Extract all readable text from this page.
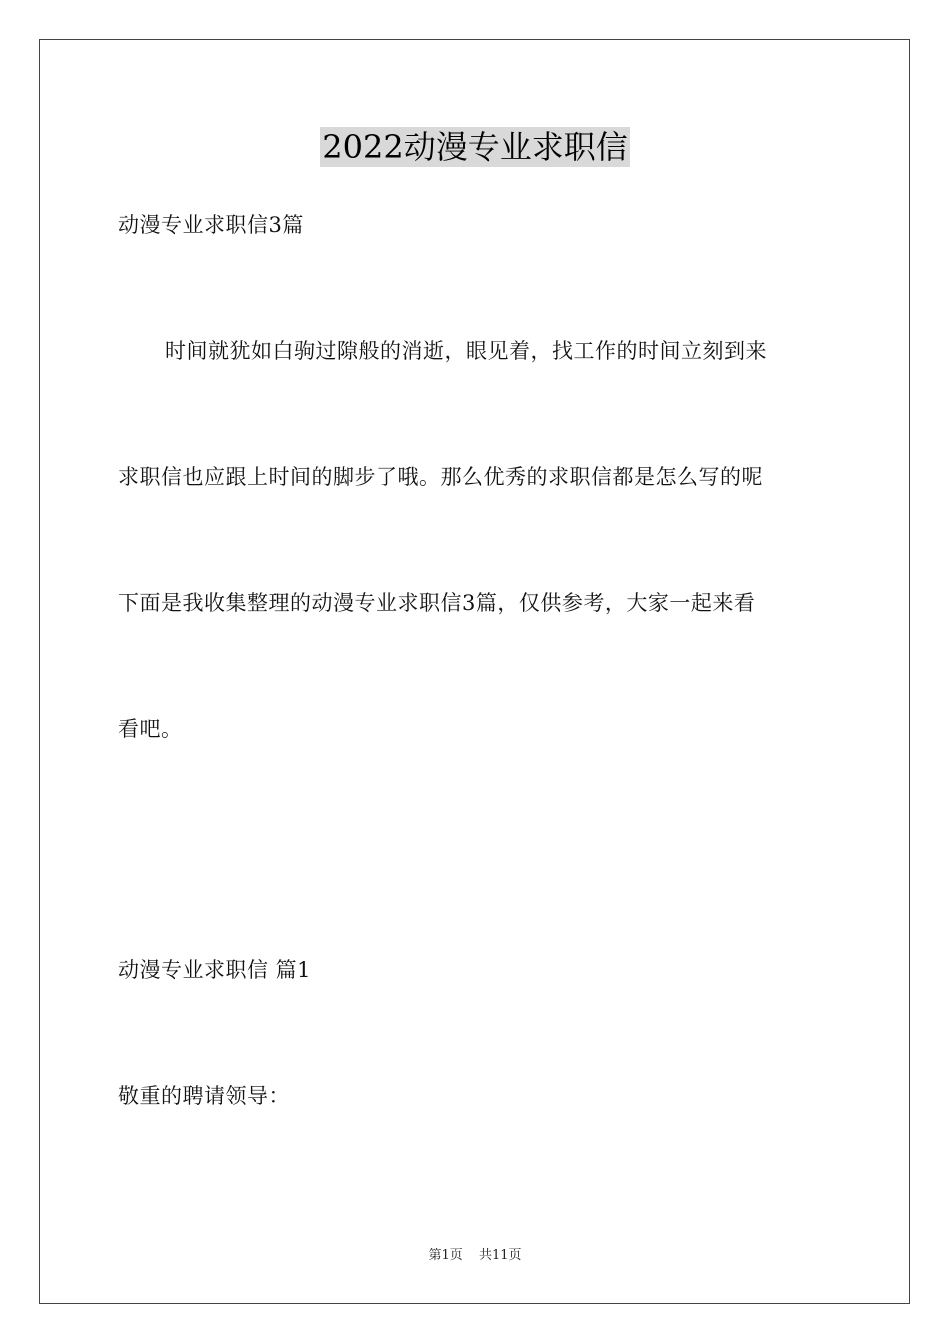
2022动漫专业求职信
动漫专业求职信3篇
时间就犹如白驹过隙般的消逝，眼见着，找工作的时间立刻到来
求职信也应跟上时间的脚步了哦。那么优秀的求职信都是怎么写的呢
下面是我收集整理的动漫专业求职信3篇，仅供参考，大家一起来看
看吧。
动漫专业求职信 篇1
敬重的聘请领导：
第1页 共11页
